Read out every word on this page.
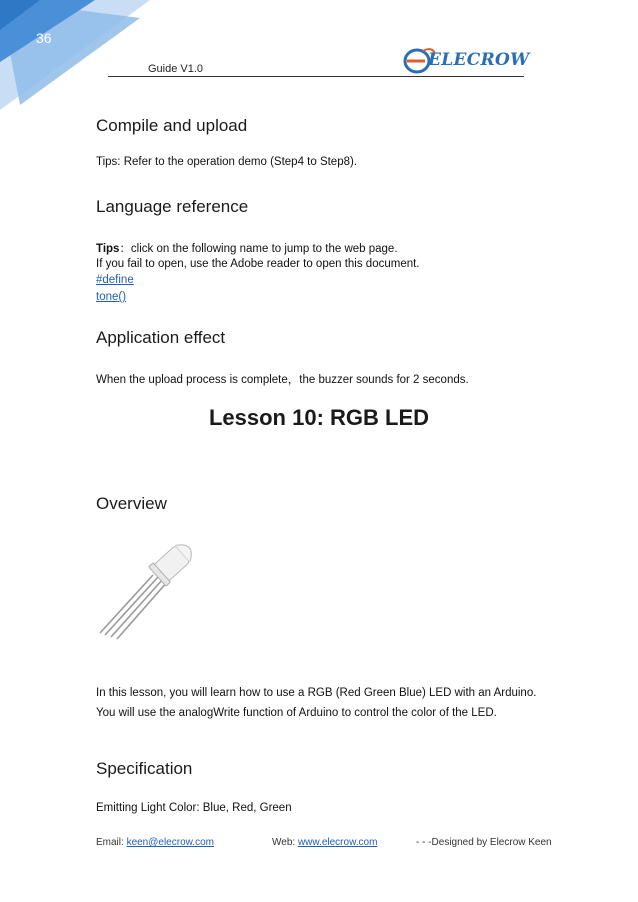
36
Guide V1.0	ELECROW
Compile and upload

Tips: Refer to the operation demo (Step4 to Step8).

Language reference

Tips：click on the following name to jump to the web page.

If you fail to open, use the Adobe reader to open this document.

#define
tone()
Application effect

When the upload process is complete，the buzzer sounds for 2 seconds.

Lesson 10: RGB LED
Overview

In this lesson, you will learn how to use a RGB (Red Green Blue) LED with an Arduino.

You will use the analogWrite function of Arduino to control the color of the LED.

Specification

Emitting Light Color: Blue, Red, Green

Email: keen@elecrow.com	Web: www.elecrow.com	- - -Designed by Elecrow Keen
